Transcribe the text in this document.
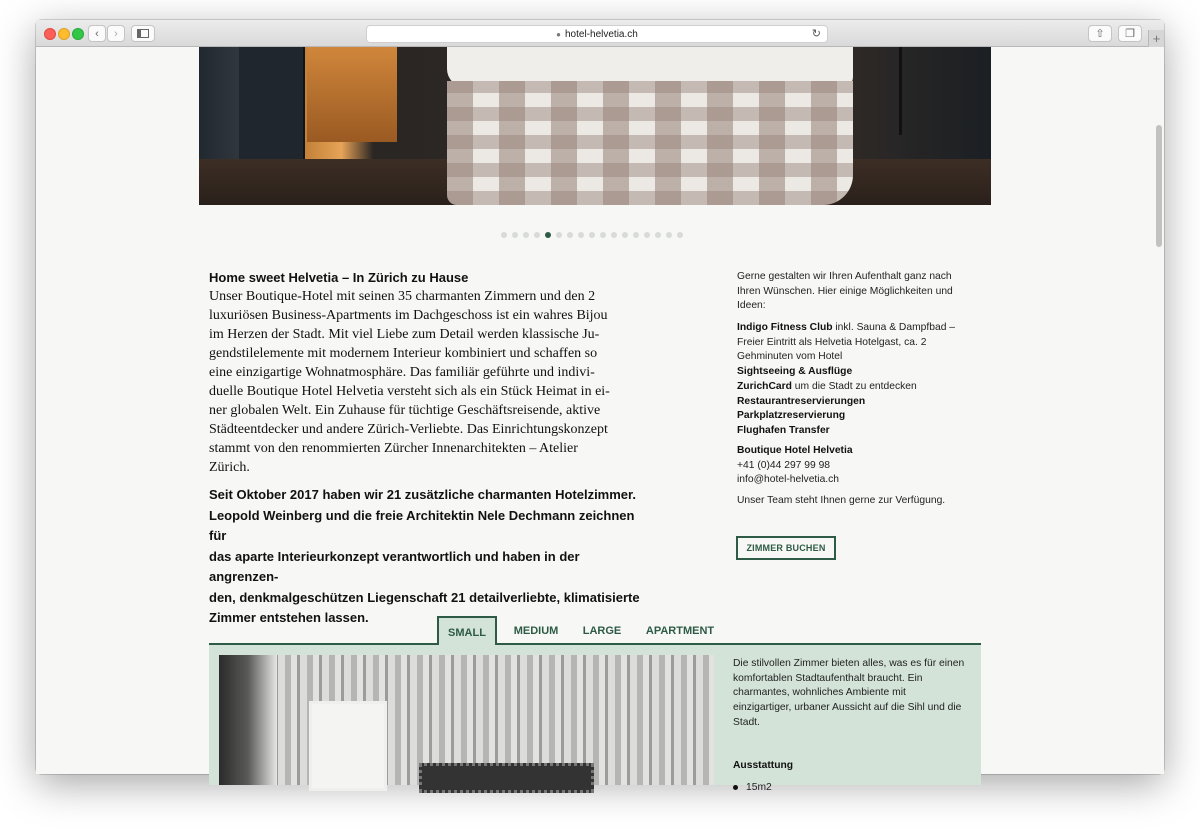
‹ ›	● hotel-helvetia.ch	↻	⇧ ❐ +
Home sweet Helvetia – In Zürich zu Hause
Unser Boutique-Hotel mit seinen 35 charmanten Zimmern und den 2
luxuriösen Business-Apartments im Dachgeschoss ist ein wahres Bijou
im Herzen der Stadt. Mit viel Liebe zum Detail werden klassische Ju-
gendstilelemente mit modernem Interieur kombiniert und schaffen so
eine einzigartige Wohnatmosphäre. Das familiär geführte und indivi-
duelle Boutique Hotel Helvetia versteht sich als ein Stück Heimat in ei-
ner globalen Welt. Ein Zuhause für tüchtige Geschäftsreisende, aktive
Städteentdecker und andere Zürich-Verliebte. Das Einrichtungskonzept
stammt von den renommierten Zürcher Innenarchitekten – Atelier
Zürich.
Seit Oktober 2017 haben wir 21 zusätzliche charmanten Hotelzimmer.
Leopold Weinberg und die freie Architektin Nele Dechmann zeichnen für
das aparte Interieurkonzept verantwortlich und haben in der angrenzen-
den, denkmalgeschützen Liegenschaft 21 detailverliebte, klimatisierte
Zimmer entstehen lassen.
Gerne gestalten wir Ihren Aufenthalt ganz nach
Ihren Wünschen. Hier einige Möglichkeiten und
Ideen:
Indigo Fitness Club inkl. Sauna & Dampfbad –
Freier Eintritt als Helvetia Hotelgast, ca. 2
Gehminuten vom Hotel
Sightseeing & Ausflüge
ZurichCard um die Stadt zu entdecken
Restaurantreservierungen
Parkplatzreservierung
Flughafen Transfer
Boutique Hotel Helvetia
+41 (0)44 297 99 98
info@hotel-helvetia.ch
Unser Team steht Ihnen gerne zur Verfügung.
ZIMMER BUCHEN
SMALL	MEDIUM	LARGE	APARTMENT
Die stilvollen Zimmer bieten alles, was es für einen
komfortablen Stadtaufenthalt braucht. Ein
charmantes, wohnliches Ambiente mit
einzigartiger, urbaner Aussicht auf die Sihl und die
Stadt.
Ausstattung
15m2
